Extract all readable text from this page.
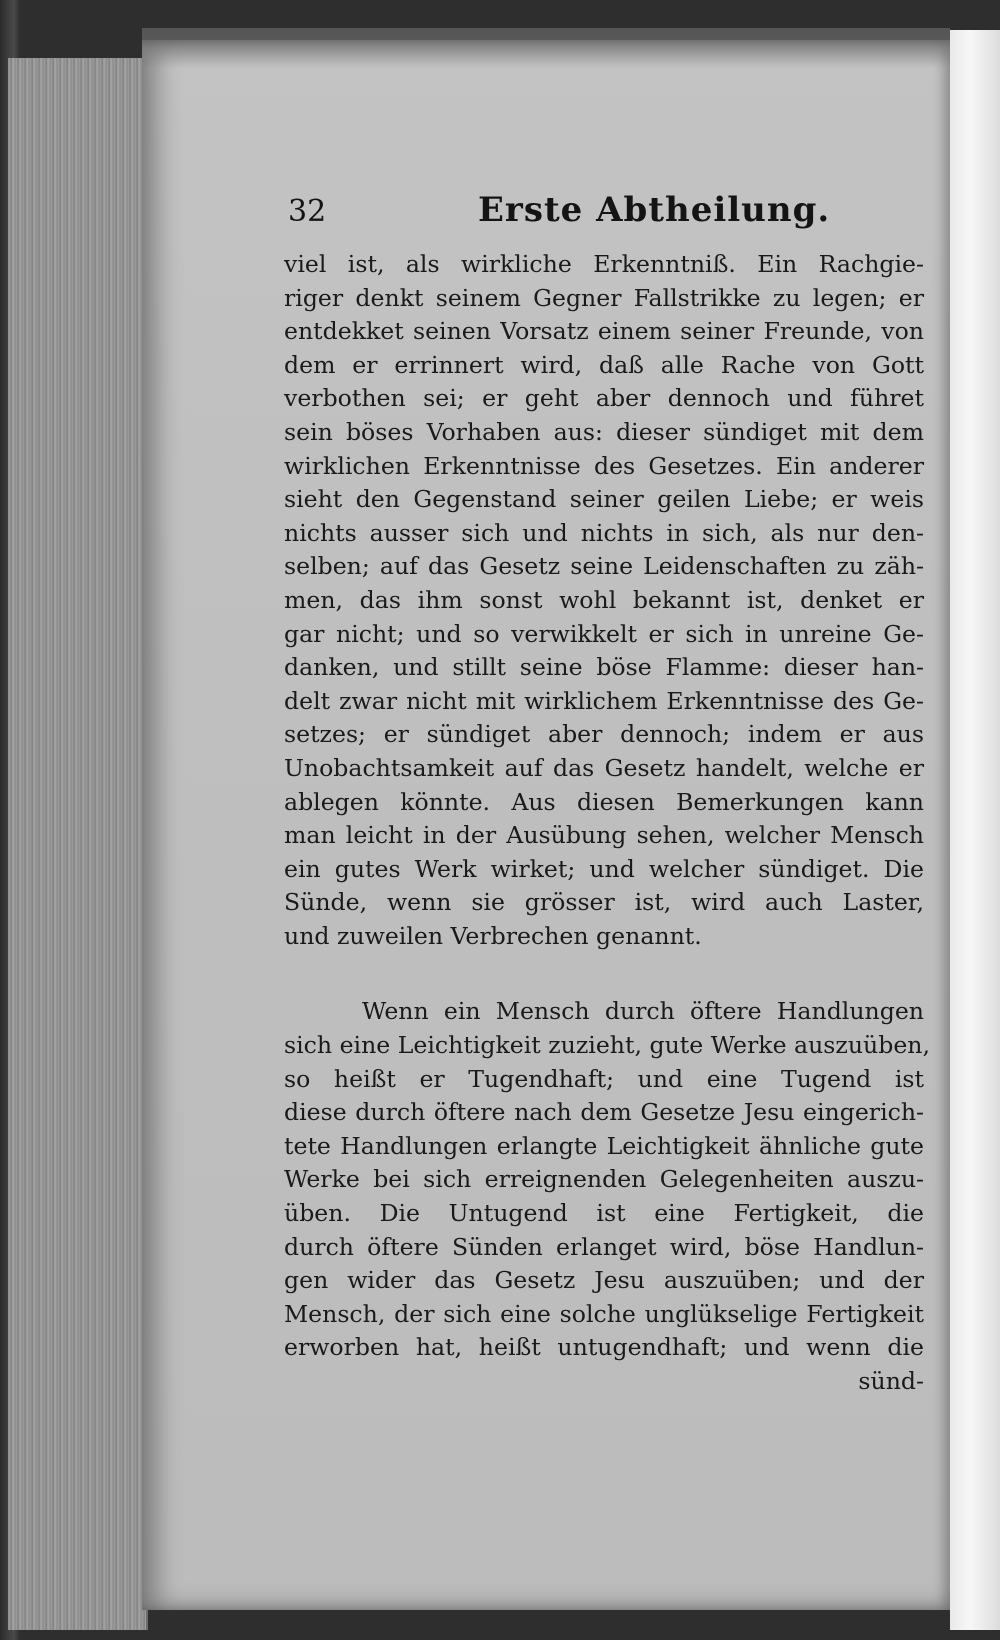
32	Erste Abtheilung.
viel ist, als wirkliche Erkenntniß. Ein Rachgie-
riger denkt seinem Gegner Fallstrikke zu legen; er
entdekket seinen Vorsatz einem seiner Freunde, von
dem er errinnert wird, daß alle Rache von Gott
verbothen sei; er geht aber dennoch und führet
sein böses Vorhaben aus: dieser sündiget mit dem
wirklichen Erkenntnisse des Gesetzes. Ein anderer
sieht den Gegenstand seiner geilen Liebe; er weis
nichts ausser sich und nichts in sich, als nur den-
selben; auf das Gesetz seine Leidenschaften zu zäh-
men, das ihm sonst wohl bekannt ist, denket er
gar nicht; und so verwikkelt er sich in unreine Ge-
danken, und stillt seine böse Flamme: dieser han-
delt zwar nicht mit wirklichem Erkenntnisse des Ge-
setzes; er sündiget aber dennoch; indem er aus
Unobachtsamkeit auf das Gesetz handelt, welche er
ablegen könnte. Aus diesen Bemerkungen kann
man leicht in der Ausübung sehen, welcher Mensch
ein gutes Werk wirket; und welcher sündiget. Die
Sünde, wenn sie grösser ist, wird auch Laster,
und zuweilen Verbrechen genannt.
Wenn ein Mensch durch öftere Handlungen
sich eine Leichtigkeit zuzieht, gute Werke auszuüben,
so heißt er Tugendhaft; und eine Tugend ist
diese durch öftere nach dem Gesetze Jesu eingerich-
tete Handlungen erlangte Leichtigkeit ähnliche gute
Werke bei sich erreignenden Gelegenheiten auszu-
üben. Die Untugend ist eine Fertigkeit, die
durch öftere Sünden erlanget wird, böse Handlun-
gen wider das Gesetz Jesu auszuüben; und der
Mensch, der sich eine solche unglükselige Fertigkeit
erworben hat, heißt untugendhaft; und wenn die
sünd-
